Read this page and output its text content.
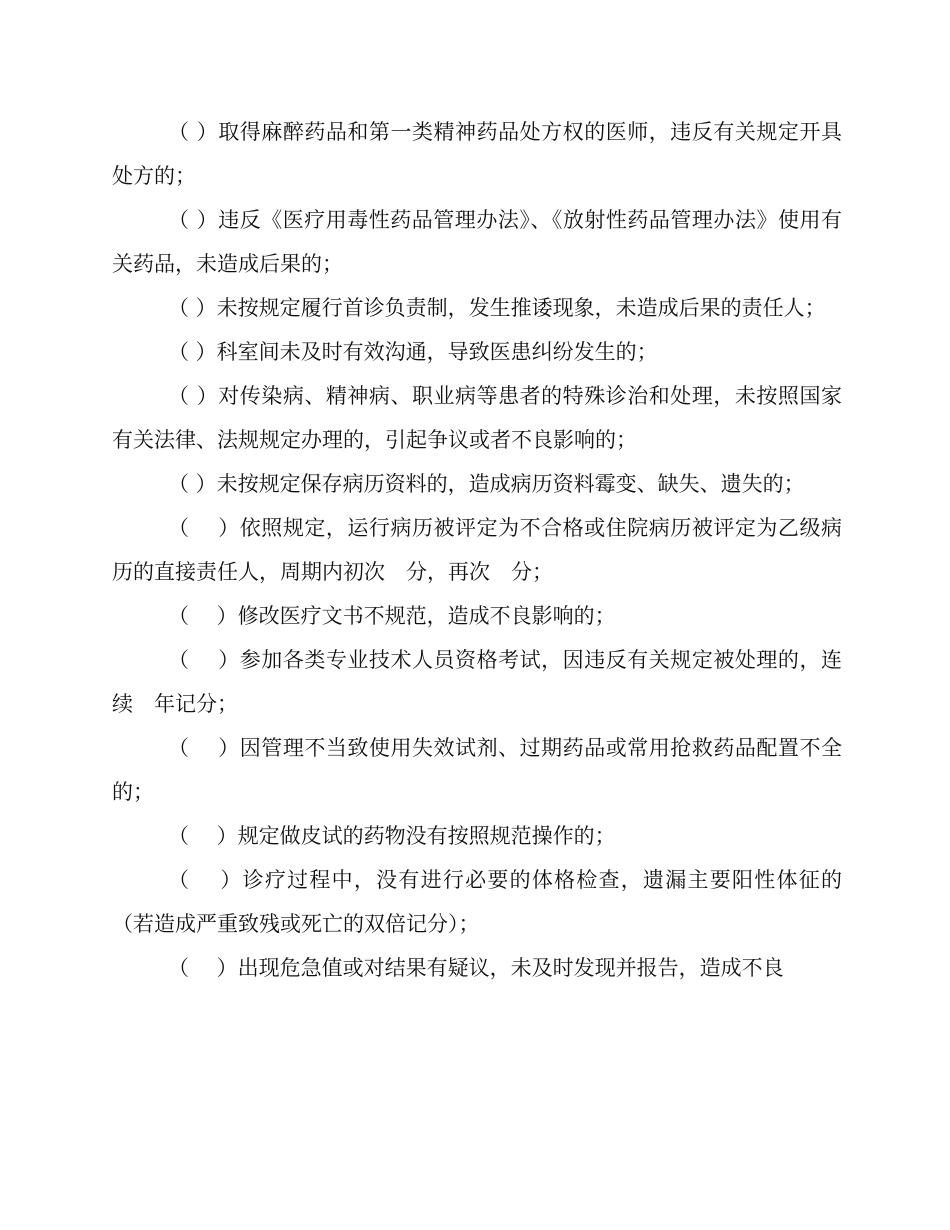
（ ）取得麻醉药品和第一类精神药品处方权的医师，违反有关规定开具处方的；

（ ）违反《医疗用毒性药品管理办法》、《放射性药品管理办法》使用有关药品，未造成后果的；

（ ）未按规定履行首诊负责制，发生推诿现象，未造成后果的责任人；

（ ）科室间未及时有效沟通，导致医患纠纷发生的；

（ ）对传染病、精神病、职业病等患者的特殊诊治和处理，未按照国家有关法律、法规规定办理的，引起争议或者不良影响的；

（ ）未按规定保存病历资料的，造成病历资料霉变、缺失、遗失的；

（　 ）依照规定，运行病历被评定为不合格或住院病历被评定为乙级病历的直接责任人，周期内初次　分，再次　分；

（　 ）修改医疗文书不规范，造成不良影响的；

（　 ）参加各类专业技术人员资格考试，因违反有关规定被处理的，连续　年记分；

（　 ）因管理不当致使用失效试剂、过期药品或常用抢救药品配置不全的；

（　 ）规定做皮试的药物没有按照规范操作的；

（　 ）诊疗过程中，没有进行必要的体格检查，遗漏主要阳性体征的（若造成严重致残或死亡的双倍记分）；

（　 ）出现危急值或对结果有疑议，未及时发现并报告，造成不良
